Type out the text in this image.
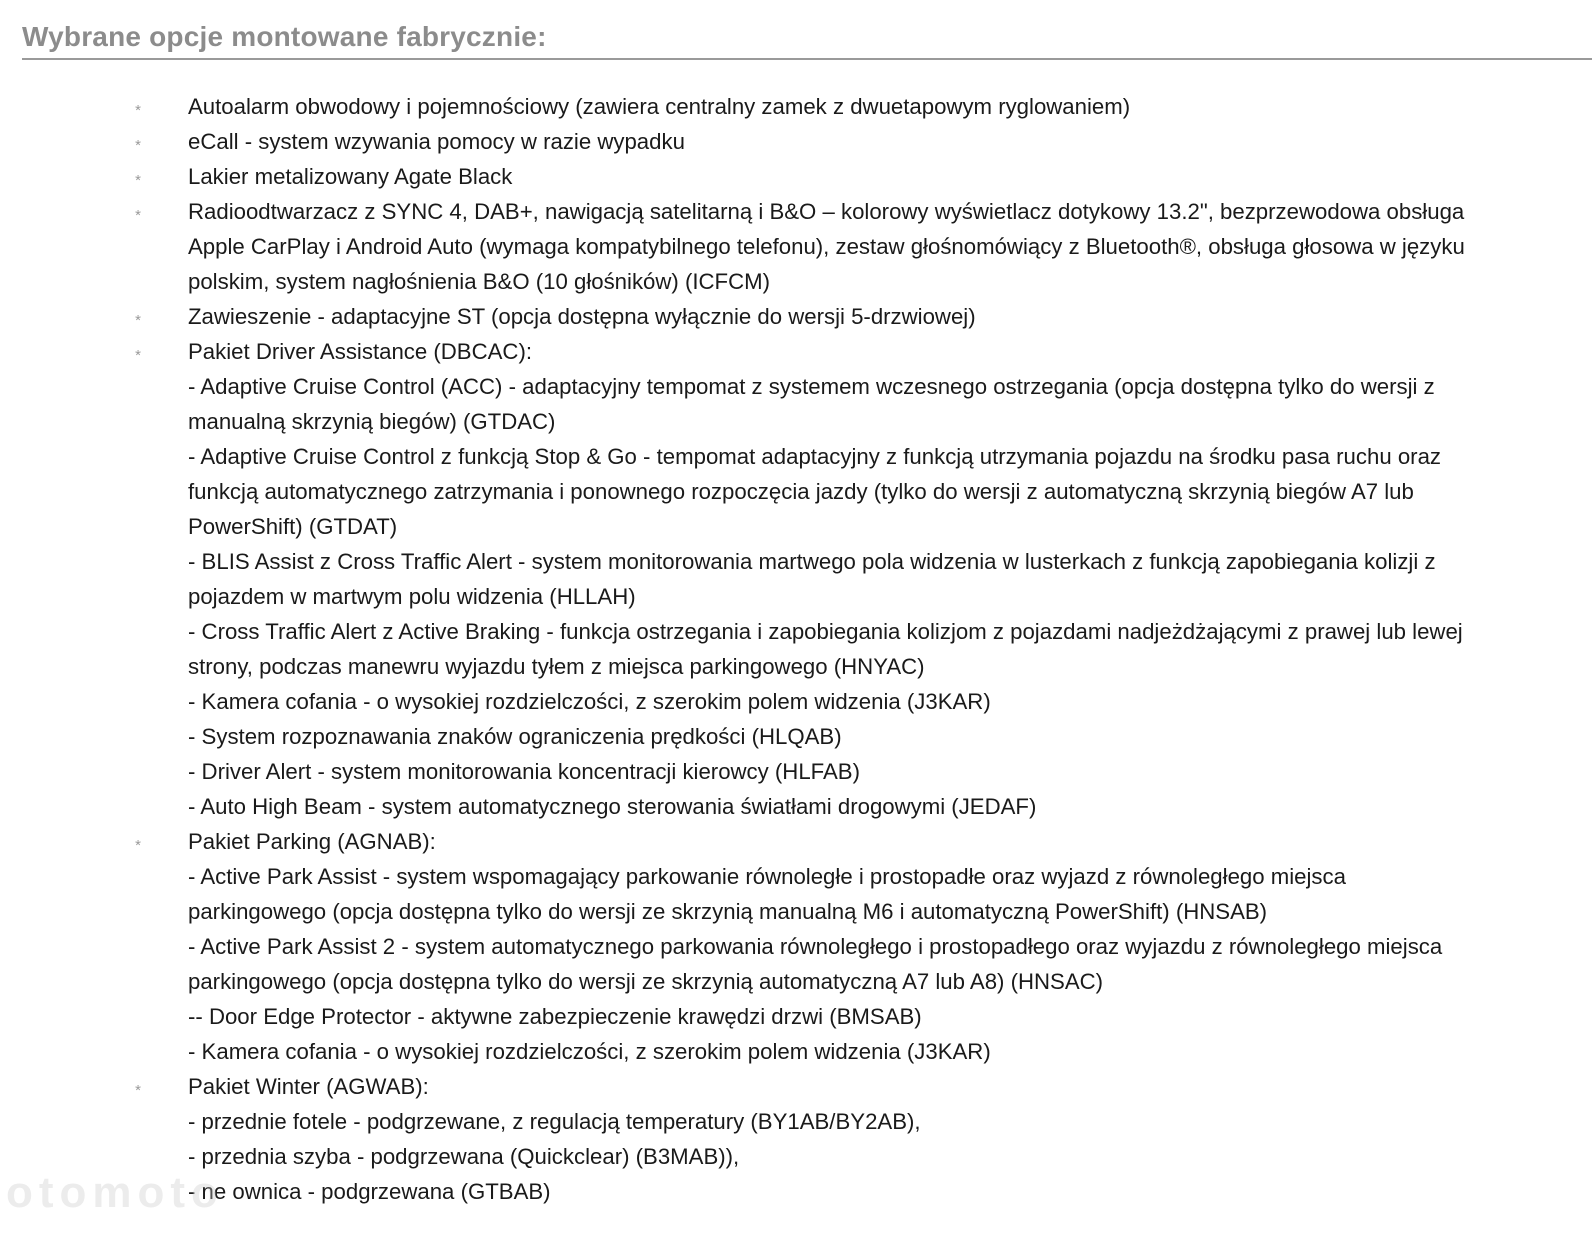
Wybrane opcje montowane fabrycznie:
*	Autoalarm obwodowy i pojemnościowy (zawiera centralny zamek z dwuetapowym ryglowaniem)
*	eCall - system wzywania pomocy w razie wypadku
*	Lakier metalizowany Agate Black
*	Radioodtwarzacz z SYNC 4, DAB+, nawigacją satelitarną i B&O – kolorowy wyświetlacz dotykowy 13.2", bezprzewodowa obsługa Apple CarPlay i Android Auto (wymaga kompatybilnego telefonu), zestaw głośnomówiący z Bluetooth®, obsługa głosowa w języku polskim, system nagłośnienia B&O (10 głośników) (ICFCM)
*	Zawieszenie - adaptacyjne ST (opcja dostępna wyłącznie do wersji 5-drzwiowej)
*	Pakiet Driver Assistance (DBCAC):
- Adaptive Cruise Control (ACC) - adaptacyjny tempomat z systemem wczesnego ostrzegania (opcja dostępna tylko do wersji z manualną skrzynią biegów) (GTDAC)
- Adaptive Cruise Control z funkcją Stop & Go - tempomat adaptacyjny z funkcją utrzymania pojazdu na środku pasa ruchu oraz funkcją automatycznego zatrzymania i ponownego rozpoczęcia jazdy (tylko do wersji z automatyczną skrzynią biegów A7 lub PowerShift) (GTDAT)
- BLIS Assist z Cross Traffic Alert - system monitorowania martwego pola widzenia w lusterkach z funkcją zapobiegania kolizji z pojazdem w martwym polu widzenia (HLLAH)
- Cross Traffic Alert z Active Braking - funkcja ostrzegania i zapobiegania kolizjom z pojazdami nadjeżdżającymi z prawej lub lewej strony, podczas manewru wyjazdu tyłem z miejsca parkingowego (HNYAC)
- Kamera cofania - o wysokiej rozdzielczości, z szerokim polem widzenia (J3KAR)
- System rozpoznawania znaków ograniczenia prędkości (HLQAB)
- Driver Alert - system monitorowania koncentracji kierowcy (HLFAB)
- Auto High Beam - system automatycznego sterowania światłami drogowymi (JEDAF)
*	Pakiet Parking (AGNAB):
- Active Park Assist - system wspomagający parkowanie równoległe i prostopadłe oraz wyjazd z równoległego miejsca parkingowego (opcja dostępna tylko do wersji ze skrzynią manualną M6 i automatyczną PowerShift) (HNSAB)
- Active Park Assist 2 - system automatycznego parkowania równoległego i prostopadłego oraz wyjazdu z równoległego miejsca parkingowego (opcja dostępna tylko do wersji ze skrzynią automatyczną A7 lub A8) (HNSAC)
-- Door Edge Protector - aktywne zabezpieczenie krawędzi drzwi (BMSAB)
- Kamera cofania - o wysokiej rozdzielczości, z szerokim polem widzenia (J3KAR)
*	Pakiet Winter (AGWAB):
- przednie fotele - podgrzewane, z regulacją temperatury (BY1AB/BY2AB),
- przednia szyba - podgrzewana (Quickclear) (B3MAB)),
- ne ownica - podgrzewana (GTBAB)
otomoto
